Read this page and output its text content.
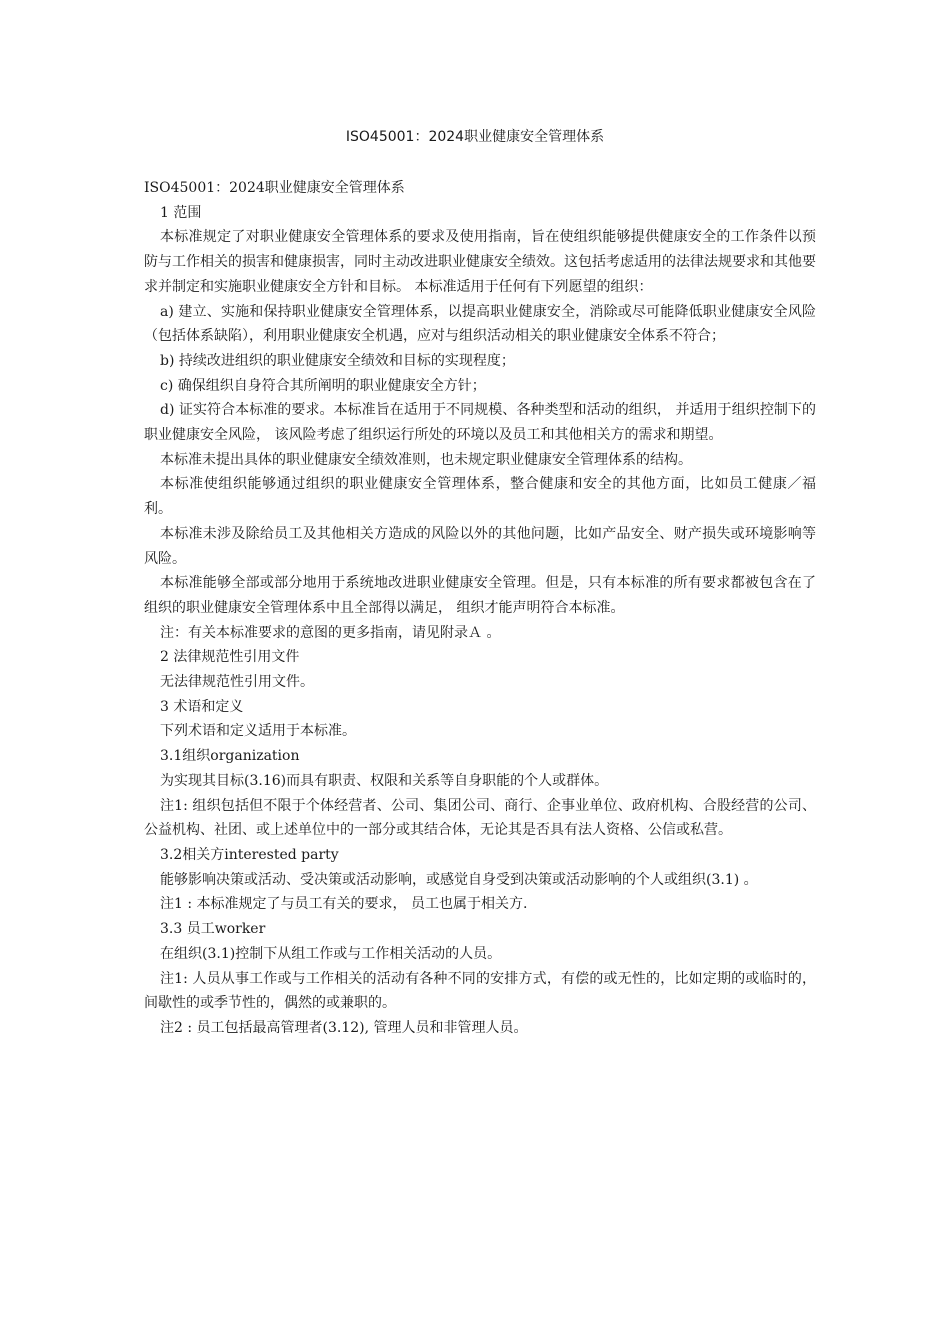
ISO45001：2024职业健康安全管理体系

ISO45001：2024职业健康安全管理体系

1 范围

本标准规定了对职业健康安全管理体系的要求及使用指南，旨在使组织能够提供健康安全的工作条件以预防与工作相关的损害和健康损害，同时主动改进职业健康安全绩效。这包括考虑适用的法律法规要求和其他要求并制定和实施职业健康安全方针和目标。 本标准适用于任何有下列愿望的组织：

a) 建立、实施和保持职业健康安全管理体系，以提高职业健康安全，消除或尽可能降低职业健康安全风险（包括体系缺陷），利用职业健康安全机遇，应对与组织活动相关的职业健康安全体系不符合；

b) 持续改进组织的职业健康安全绩效和目标的实现程度；

c) 确保组织自身符合其所阐明的职业健康安全方针；

d) 证实符合本标准的要求。本标准旨在适用于不同规模、各种类型和活动的组织， 并适用于组织控制下的职业健康安全风险， 该风险考虑了组织运行所处的环境以及员工和其他相关方的需求和期望。

本标准未提出具体的职业健康安全绩效准则，也未规定职业健康安全管理体系的结构。

本标准使组织能够通过组织的职业健康安全管理体系，整合健康和安全的其他方面，比如员工健康／福利。

本标准未涉及除给员工及其他相关方造成的风险以外的其他问题，比如产品安全、财产损失或环境影响等风险。

本标准能够全部或部分地用于系统地改进职业健康安全管理。但是，只有本标准的所有要求都被包含在了组织的职业健康安全管理体系中且全部得以满足， 组织才能声明符合本标准。

注：有关本标准要求的意图的更多指南，请见附录Ａ 。

2 法律规范性引用文件

无法律规范性引用文件。

3 术语和定义

下列术语和定义适用于本标准。

3.1组织organization

为实现其目标(3.16)而具有职责、权限和关系等自身职能的个人或群体。

注1: 组织包括但不限于个体经营者、公司、集团公司、商行、企事业单位、政府机构、合股经营的公司、公益机构、社团、或上述单位中的一部分或其结合体，无论其是否具有法人资格、公信或私营。

3.2相关方interested party

能够影响决策或活动、受决策或活动影响，或感觉自身受到决策或活动影响的个人或组织(3.1) 。

注1 : 本标准规定了与员工有关的要求， 员工也属于相关方.

3.3 员工worker

在组织(3.1)控制下从组工作或与工作相关活动的人员。

注1: 人员从事工作或与工作相关的活动有各种不同的安排方式，有偿的或无性的，比如定期的或临时的，间歇性的或季节性的，偶然的或兼职的。

注2 : 员工包括最高管理者(3.12), 管理人员和非管理人员。
